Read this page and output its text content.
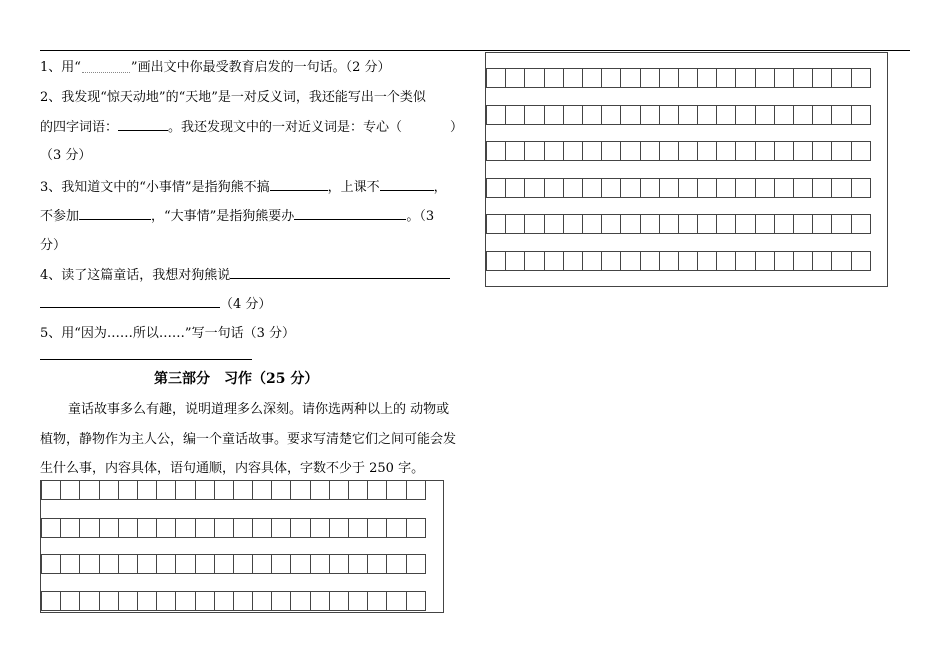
1、用“	”画出文中你最受教育启发的一句话。（2 分）
2、我发现“惊天动地”的“天地”是一对反义词，我还能写出一个类似
的四字词语：	。我还发现文中的一对近义词是：专心（	）
（3 分）
3、我知道文中的“小事情”是指狗熊不搞	，上课不	，
不参加	，“大事情”是指狗熊要办	。（3
分）
4、读了这篇童话，我想对狗熊说
（4 分）
5、用“因为……所以……”写一句话（3 分）
第三部分　习作（25 分）
童话故事多么有趣，说明道理多么深刻。请你选两种以上的 动物或
植物，静物作为主人公，编一个童话故事。要求写清楚它们之间可能会发
生什么事，内容具体，语句通顺，内容具体，字数不少于 250 字。
